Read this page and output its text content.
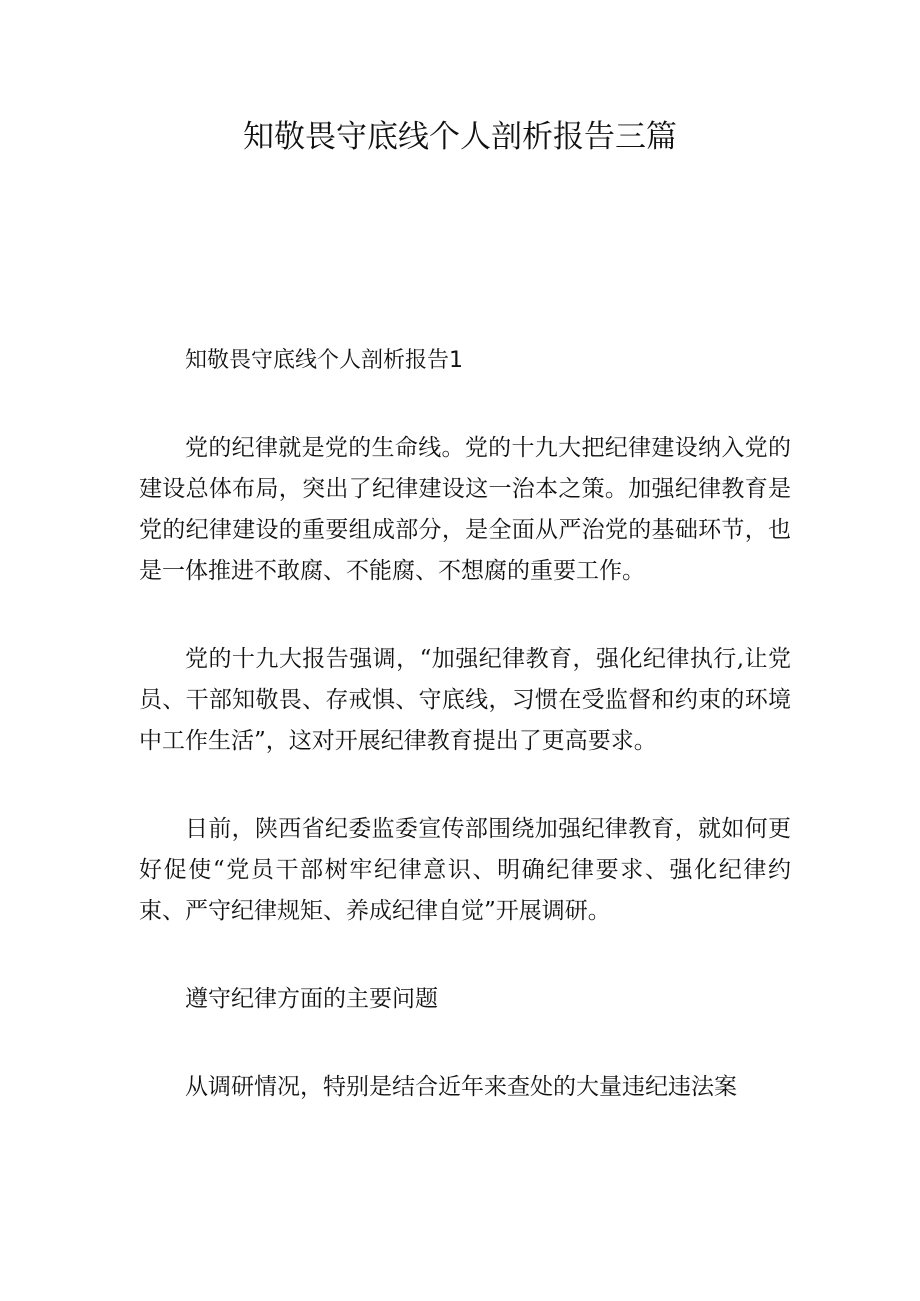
知敬畏守底线个人剖析报告三篇

知敬畏守底线个人剖析报告1

党的纪律就是党的生命线。党的十九大把纪律建设纳入党的建设总体布局，突出了纪律建设这一治本之策。加强纪律教育是党的纪律建设的重要组成部分，是全面从严治党的基础环节，也是一体推进不敢腐、不能腐、不想腐的重要工作。

党的十九大报告强调，“加强纪律教育，强化纪律执行,让党员、干部知敬畏、存戒惧、守底线，习惯在受监督和约束的环境中工作生活”，这对开展纪律教育提出了更高要求。

日前，陕西省纪委监委宣传部围绕加强纪律教育，就如何更好促使“党员干部树牢纪律意识、明确纪律要求、强化纪律约束、严守纪律规矩、养成纪律自觉”开展调研。

遵守纪律方面的主要问题

从调研情况，特别是结合近年来查处的大量违纪违法案
